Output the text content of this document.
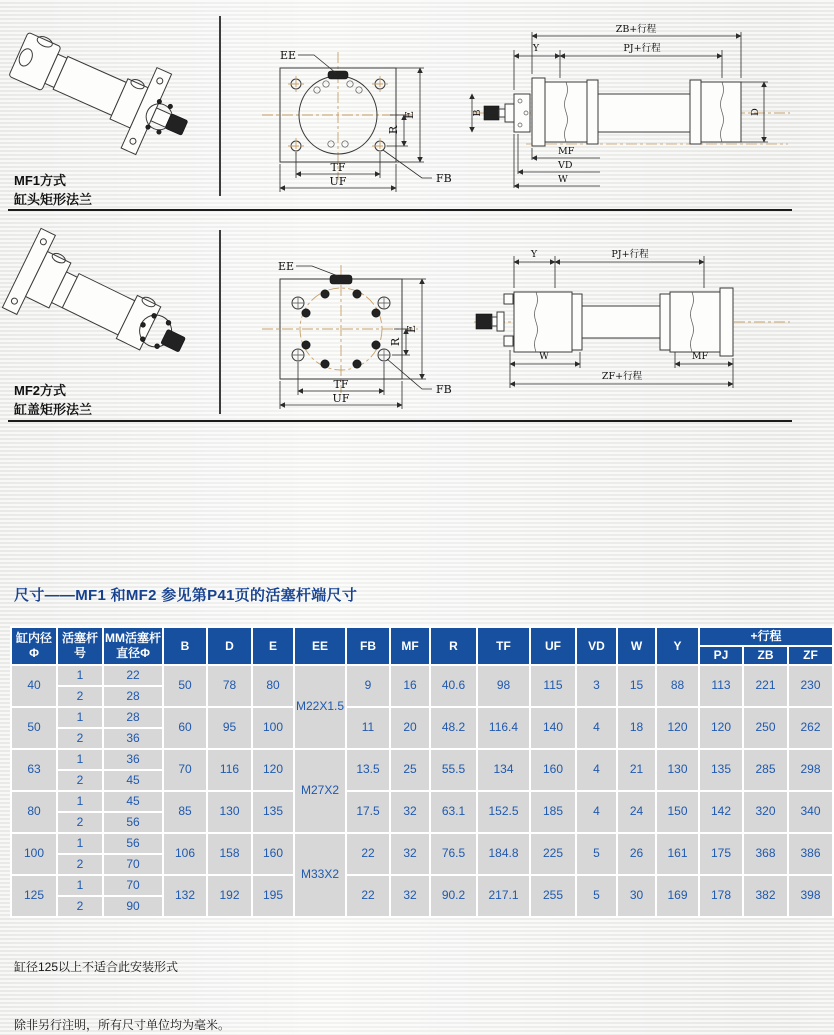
MF1方式
缸头矩形法兰
E
R
TF
UF
EE
FB
ZB+行程
Y	PJ+行程
B	D
MF
VD
W
MF2方式
缸盖矩形法兰
E
R
TF
UF
EE
FB
Y	PJ+行程
W	MF
ZF+行程
尺寸——MF1 和MF2 参见第P41页的活塞杆端尺寸
缸内径 Φ	活塞杆号	MM活塞杆直径Φ	B	D	E	EE	FB	MF	R	TF	UF	VD	W	Y	+行程		
															PJ	ZB	ZF
40	1	22	50	78	80	M22X1.5	9	16	40.6	98	115	3	15	88	113	221	230
	2	28															
50	1	28	60	95	100		11	20	48.2	116.4	140	4	18	120	120	250	262
	2	36															
63	1	36	70	116	120	M27X2	13.5	25	55.5	134	160	4	21	130	135	285	298
	2	45															
80	1	45	85	130	135		17.5	32	63.1	152.5	185	4	24	150	142	320	340
	2	56															
100	1	56	106	158	160	M33X2	22	32	76.5	184.8	225	5	26	161	175	368	386
	2	70															
125	1	70	132	192	195		22	32	90.2	217.1	255	5	30	169	178	382	398
	2	90															
缸径125以上不适合此安装形式
除非另行注明，所有尺寸单位均为毫米。
